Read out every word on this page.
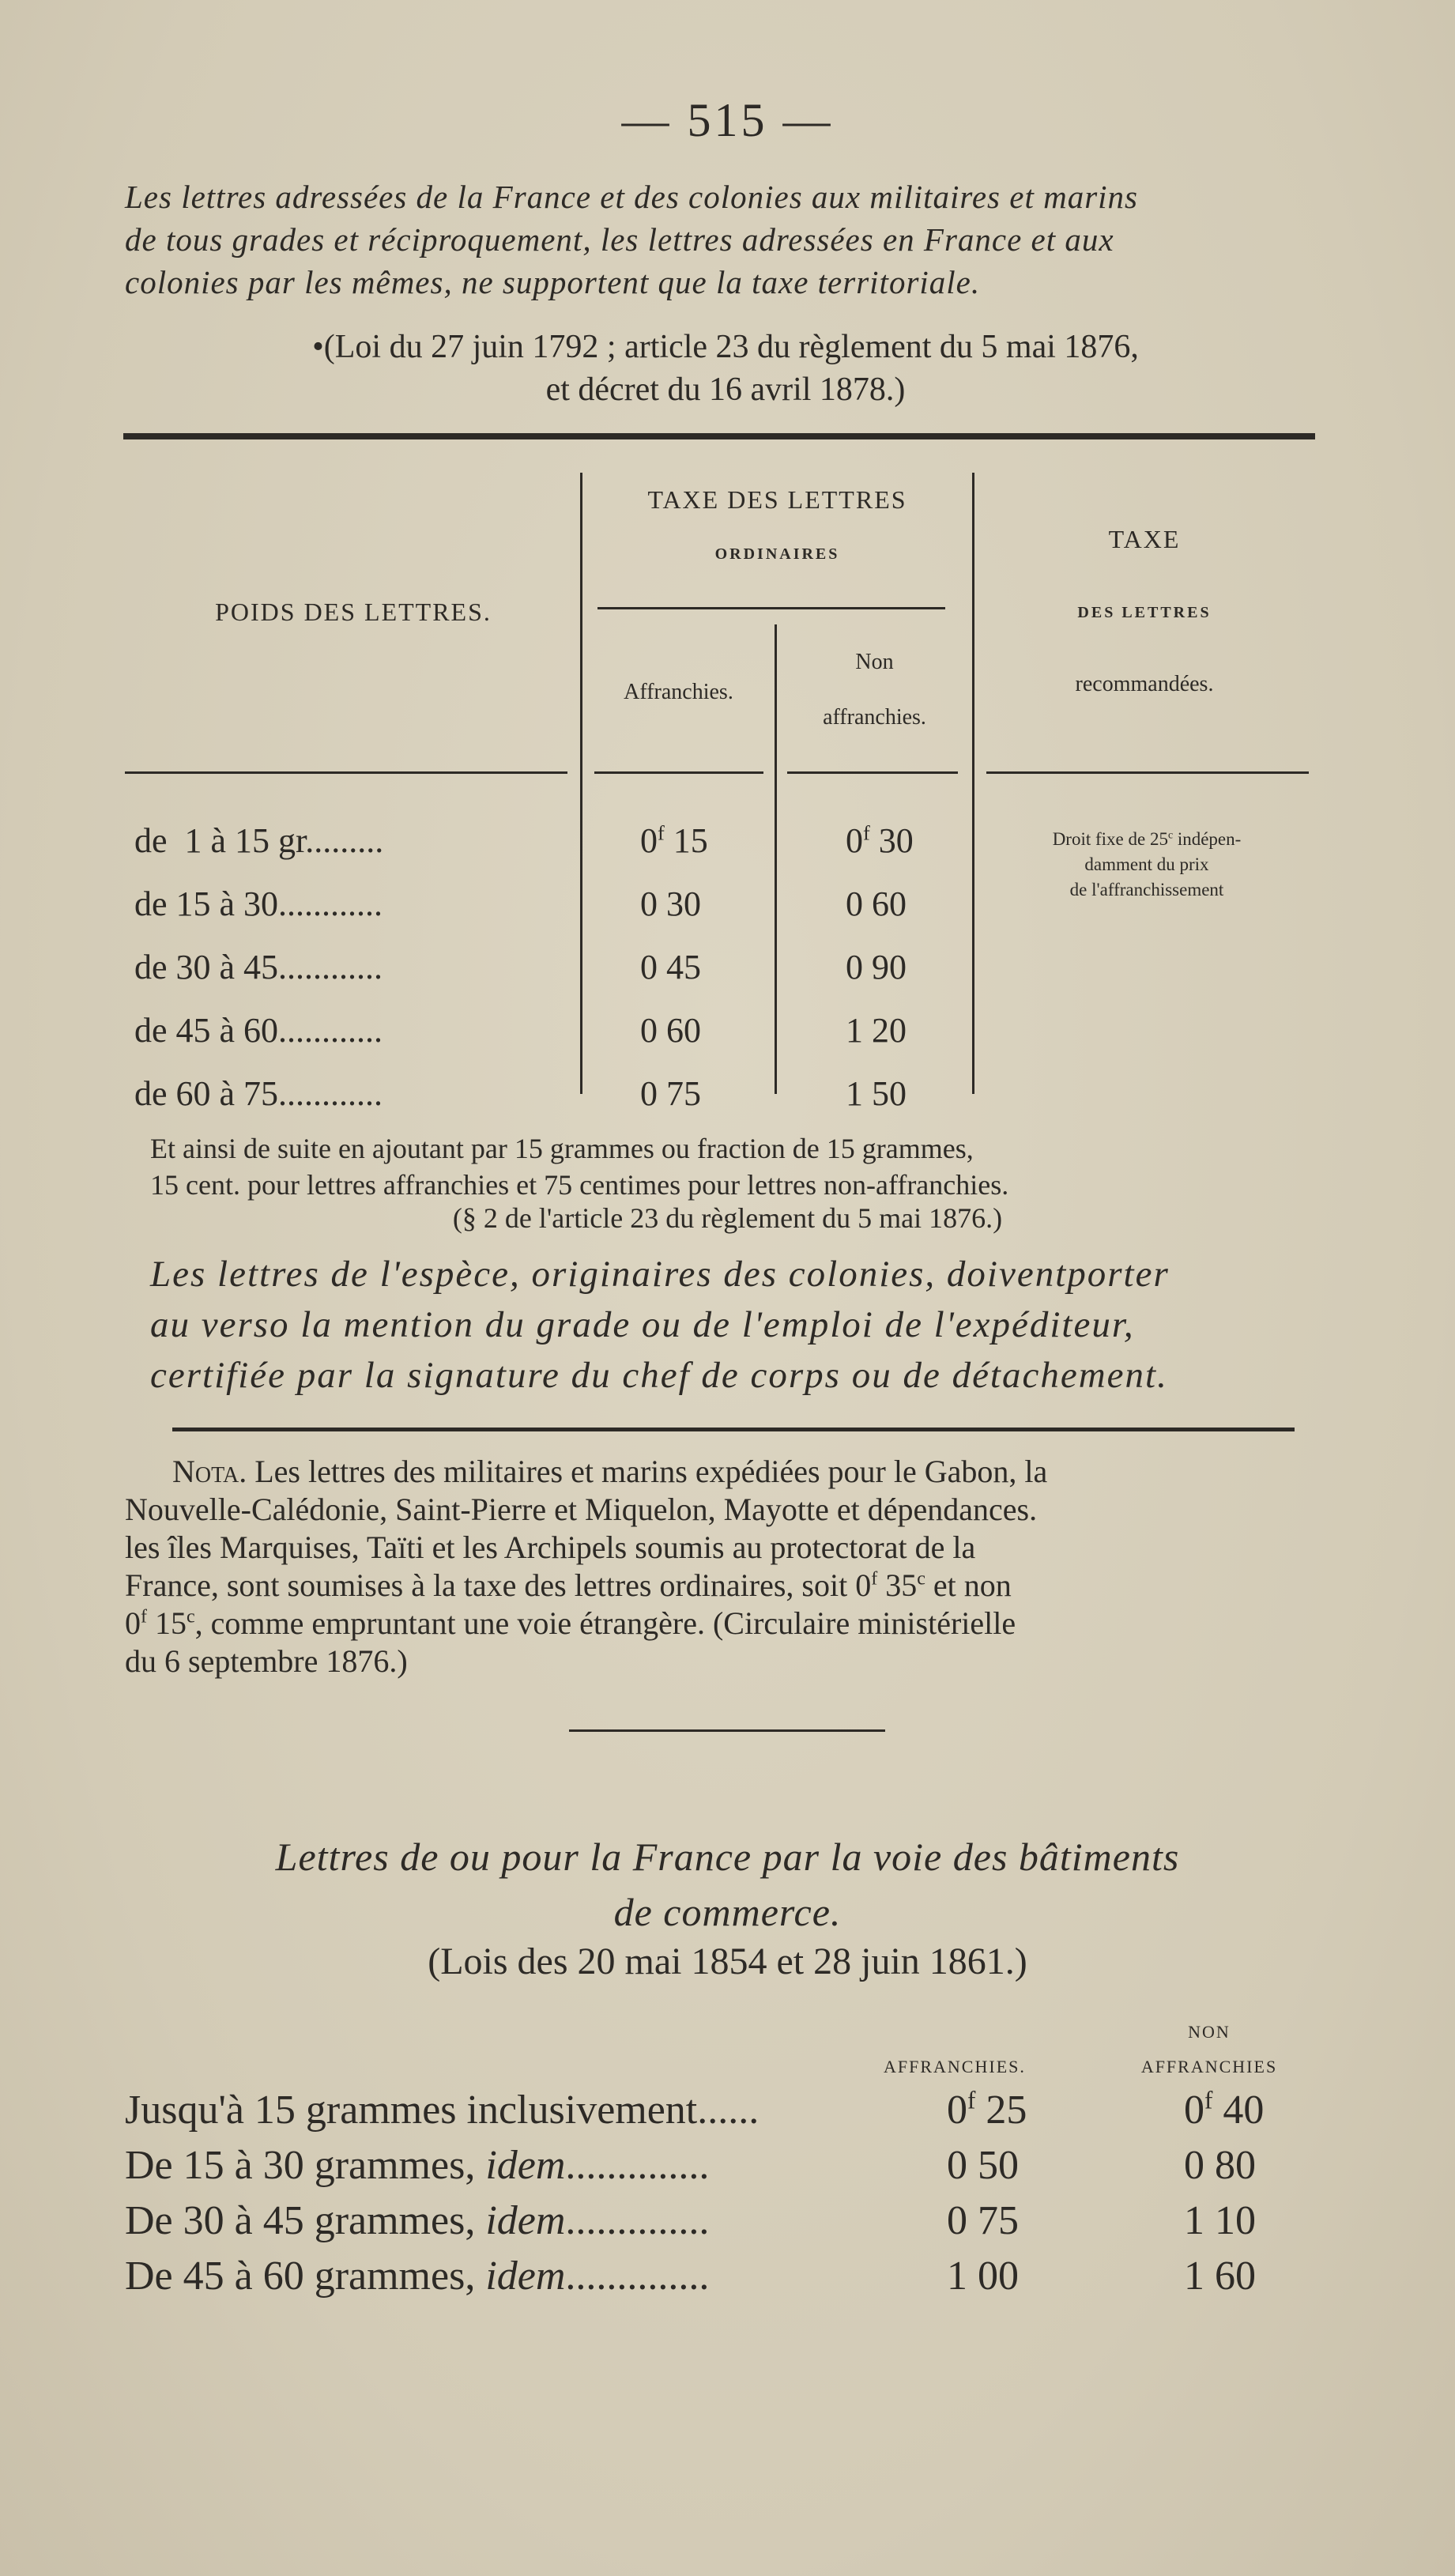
— 515 —
Les lettres adressées de la France et des colonies aux militaires et marins
de tous grades et réciproquement, les lettres adressées en France et aux
colonies par les mêmes, ne supportent que la taxe territoriale.
•(Loi du 27 juin 1792 ; article 23 du règlement du 5 mai 1876,
et décret du 16 avril 1878.)
POIDS DES LETTRES.
TAXE DES LETTRES
ORDINAIRES
Affranchies.
Non
affranchies.
TAXE
DES LETTRES
recommandées.
de  1 à 15 gr.........	0$^f$ 15	0$^f$ 30
de 15 à 30............	0 30	0 60
de 30 à 45............	0 45	0 90
de 45 à 60............	0 60	1 20
de 60 à 75............	0 75	1 50
Droit fixe de 25$^c$ indépen-
damment du prix
de l'affranchissement
Et ainsi de suite en ajoutant par 15 grammes ou fraction de 15 grammes,
15 cent. pour lettres affranchies et 75 centimes pour lettres non-affranchies.
(§ 2 de l'article 23 du règlement du 5 mai 1876.)
Les lettres de l'espèce, originaires des colonies, doiventporter
au verso la mention du grade ou de l'emploi de l'expéditeur,
certifiée par la signature du chef de corps ou de détachement.
Nota. Les lettres des militaires et marins expédiées pour le Gabon, la
Nouvelle-Calédonie, Saint-Pierre et Miquelon, Mayotte et dépendances.
les îles Marquises, Taïti et les Archipels soumis au protectorat de la
France, sont soumises à la taxe des lettres ordinaires, soit 0$^f$ 35$^c$ et non
0$^f$ 15$^c$, comme empruntant une voie étrangère. (Circulaire ministérielle
du 6 septembre 1876.)
Lettres de ou pour la France par la voie des bâtiments
de commerce.
(Lois des 20 mai 1854 et 28 juin 1861.)
AFFRANCHIES.
NON
AFFRANCHIES
Jusqu'à 15 grammes inclusivement......	0$^f$ 25	0$^f$ 40
De 15 à 30 grammes, idem..............	0 50	0 80
De 30 à 45 grammes, idem..............	0 75	1 10
De 45 à 60 grammes, idem..............	1 00	1 60
